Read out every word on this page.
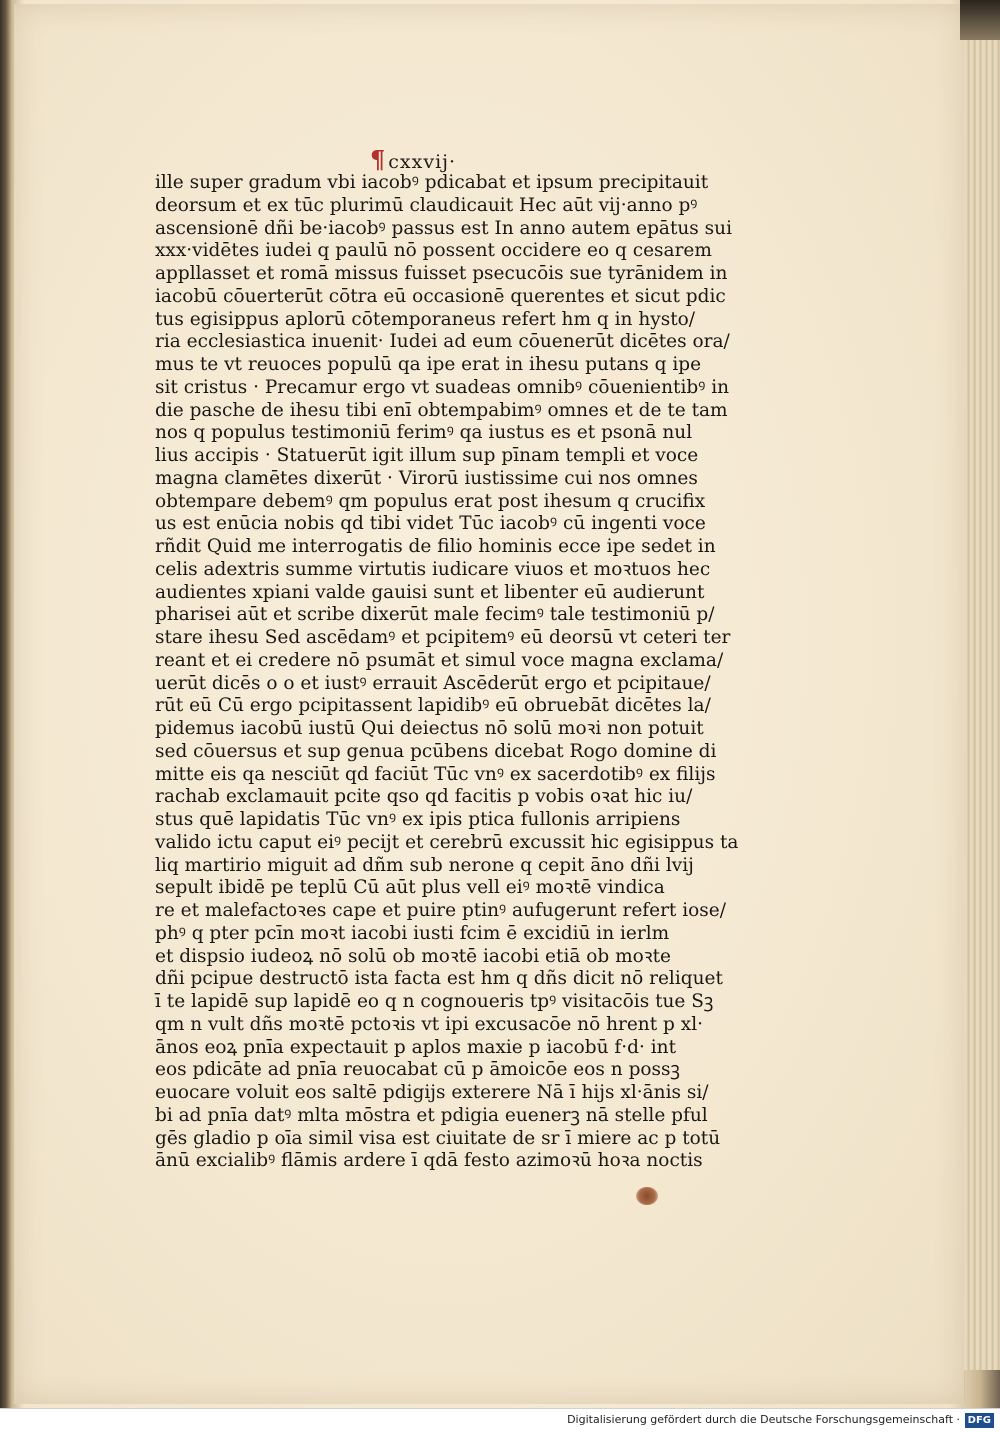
¶ cxxvij·
ille super gradum vbi iacobꝰ pdicabat et ipsum precipitauit
deorsum et ex tūc plurimū claudicauit Hec aūt vij·anno pꝰ
ascensionē dñi be·iacobꝰ passus est In anno autem epātus sui
xxx·vidētes iudei q paulū nō possent occidere eo q cesarem
appllasset et romā missus fuisset psecucōis sue tyrānidem in
iacobū cōuerterūt cōtra eū occasionē querentes et sicut pdic
tus egisippus aplorū cōtemporaneus refert hm q in hysto/
ria ecclesiastica inuenit· Iudei ad eum cōuenerūt dicētes ora/
mus te vt reuoces populū qa ipe erat in ihesu putans q ipe
sit cristus · Precamur ergo vt suadeas omnibꝰ cōuenientibꝰ in
die pasche de ihesu tibi enī obtempabimꝰ omnes et de te tam
nos q populus testimoniū ferimꝰ qa iustus es et psonā nul
lius accipis · Statuerūt igit illum sup pīnam templi et voce
magna clamētes dixerūt · Virorū iustissime cui nos omnes
obtempare debemꝰ qm populus erat post ihesum q crucifix
us est enūcia nobis qd tibi videt Tūc iacobꝰ cū ingenti voce
rñdit Quid me interrogatis de filio hominis ecce ipe sedet in
celis adextris summe virtutis iudicare viuos et moꝛtuos hec
audientes xpiani valde gauisi sunt et libenter eū audierunt
pharisei aūt et scribe dixerūt male fecimꝰ tale testimoniū p/
stare ihesu Sed ascēdamꝰ et pcipitemꝰ eū deorsū vt ceteri ter
reant et ei credere nō psumāt et simul voce magna exclama/
uerūt dicēs o o et iustꝰ errauit Ascēderūt ergo et pcipitaue/
rūt eū Cū ergo pcipitassent lapidibꝰ eū obruebāt dicētes la/
pidemus iacobū iustū Qui deiectus nō solū moꝛi non potuit
sed cōuersus et sup genua pcūbens dicebat Rogo domine di
mitte eis qa nesciūt qd faciūt Tūc vnꝰ ex sacerdotibꝰ ex filijs
rachab exclamauit pcite qso qd facitis p vobis oꝛat hic iu/
stus quē lapidatis Tūc vnꝰ ex ipis ptica fullonis arripiens
valido ictu caput eiꝰ pecijt et cerebrū excussit hic egisippus ta
liq martirio miguit ad dñm sub nerone q cepit āno dñi lvij
sepult ibidē pe teplū Cū aūt plus vell eiꝰ moꝛtē vindica
re et malefactoꝛes cape et puire ptinꝰ aufugerunt refert iose/
phꝰ q pter pcīn moꝛt iacobi iusti fcim ē excidiū in ierlm
et dispsio iudeoꝝ nō solū ob moꝛtē iacobi etiā ob moꝛte
dñi pcipue destructō ista facta est hm q dñs dicit nō reliquet
ī te lapidē sup lapidē eo q n cognoueris tpꝰ visitacōis tue Sꝫ
qm n vult dñs moꝛtē pctoꝛis vt ipi excusacōe nō hrent p xl·
ānos eoꝝ pnīa expectauit p aplos maxie p iacobū f·d· int
eos pdicāte ad pnīa reuocabat cū p āmoicōe eos n possꝫ
euocare voluit eos saltē pdigijs exterere Nā ī hijs xl·ānis si/
bi ad pnīa datꝰ mlta mōstra et pdigia euenerꝫ nā stelle pful
gēs gladio p oīa simil visa est ciuitate de sr ī miere ac p totū
ānū excialibꝰ flāmis ardere ī qdā festo azimoꝛū hoꝛa noctis
Digitalisierung gefördert durch die Deutsche Forschungsgemeinschaft · DFG
